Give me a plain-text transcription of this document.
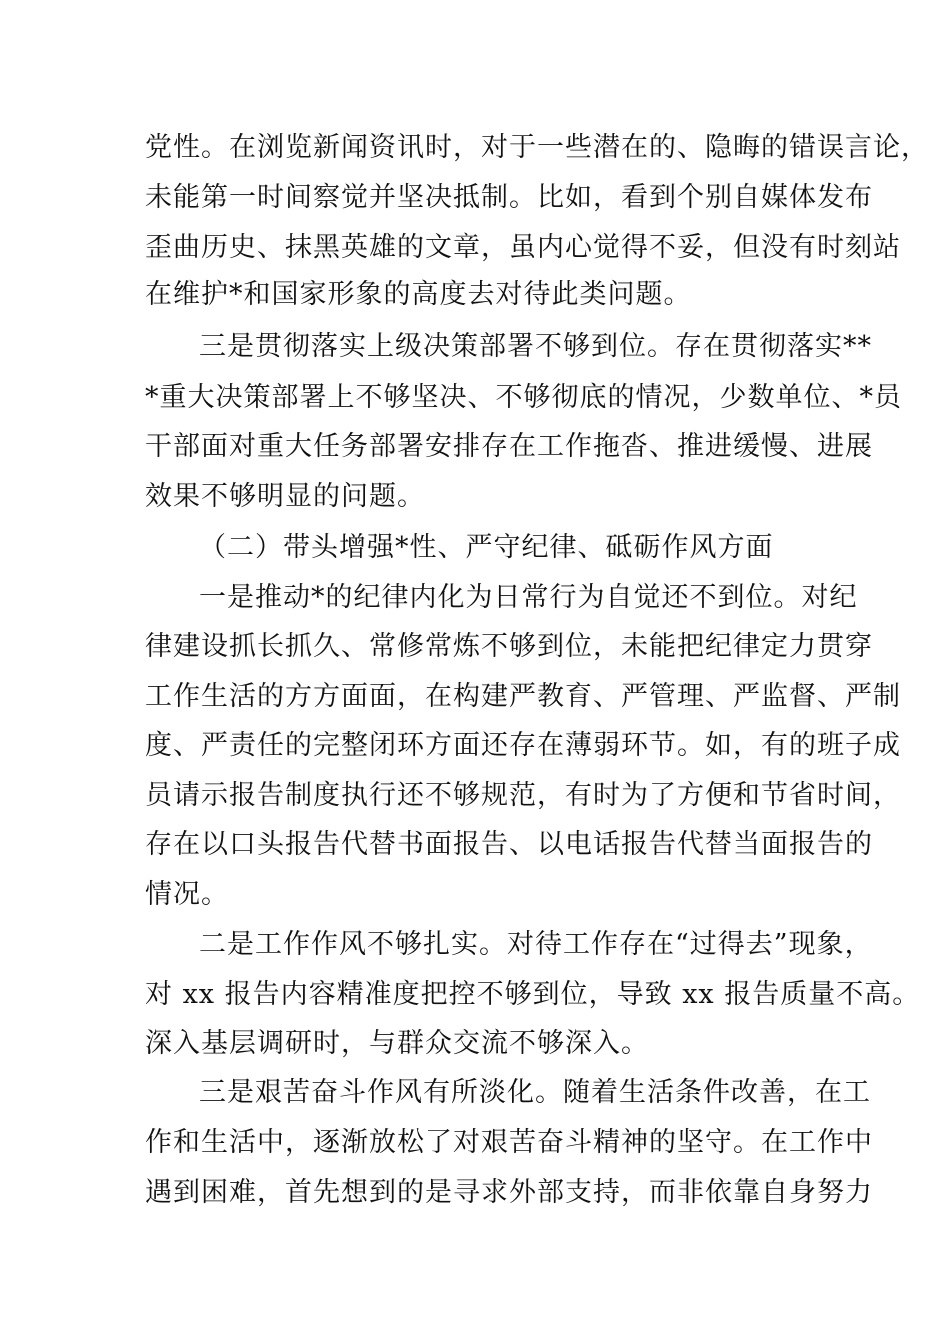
党性。在浏览新闻资讯时，对于一些潜在的、隐晦的错误言论，
未能第一时间察觉并坚决抵制。比如，看到个别自媒体发布
歪曲历史、抹黑英雄的文章，虽内心觉得不妥，但没有时刻站
在维护*和国家形象的高度去对待此类问题。
三是贯彻落实上级决策部署不够到位。存在贯彻落实**
*重大决策部署上不够坚决、不够彻底的情况，少数单位、*员
干部面对重大任务部署安排存在工作拖沓、推进缓慢、进展
效果不够明显的问题。
（二）带头增强*性、严守纪律、砥砺作风方面
一是推动*的纪律内化为日常行为自觉还不到位。对纪
律建设抓长抓久、常修常炼不够到位，未能把纪律定力贯穿
工作生活的方方面面，在构建严教育、严管理、严监督、严制
度、严责任的完整闭环方面还存在薄弱环节。如，有的班子成
员请示报告制度执行还不够规范，有时为了方便和节省时间，
存在以口头报告代替书面报告、以电话报告代替当面报告的
情况。
二是工作作风不够扎实。对待工作存在“过得去”现象，
对 xx 报告内容精准度把控不够到位，导致 xx 报告质量不高。
深入基层调研时，与群众交流不够深入。
三是艰苦奋斗作风有所淡化。随着生活条件改善，在工
作和生活中，逐渐放松了对艰苦奋斗精神的坚守。在工作中
遇到困难，首先想到的是寻求外部支持，而非依靠自身努力
